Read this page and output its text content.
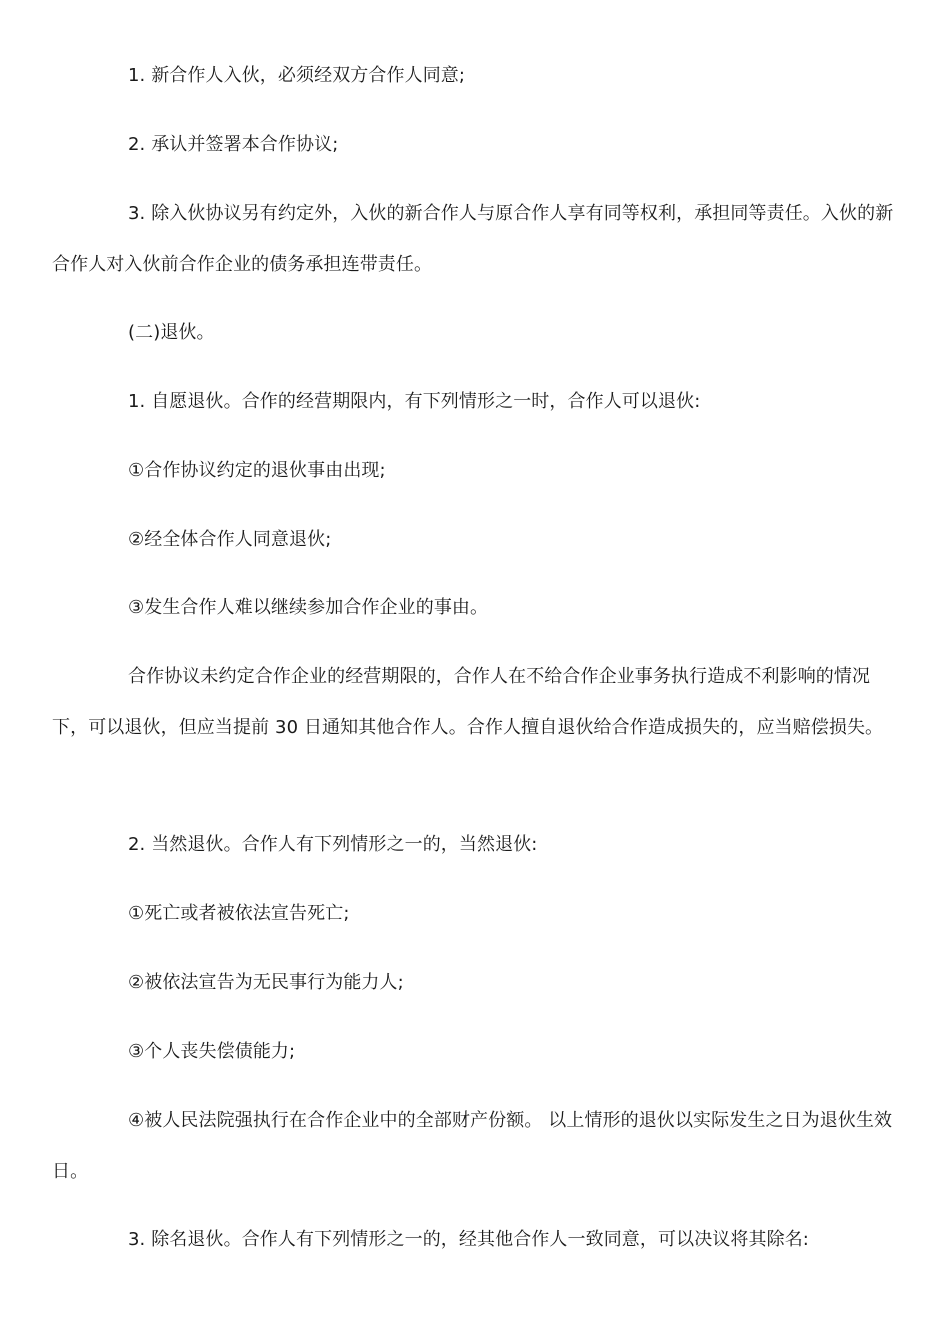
1. 新合作人入伙，必须经双方合作人同意;

2. 承认并签署本合作协议;

3. 除入伙协议另有约定外，入伙的新合作人与原合作人享有同等权利，承担同等责任。入伙的新合作人对入伙前合作企业的债务承担连带责任。

(二)退伙。

1. 自愿退伙。合作的经营期限内，有下列情形之一时，合作人可以退伙:

①合作协议约定的退伙事由出现;

②经全体合作人同意退伙;

③发生合作人难以继续参加合作企业的事由。

合作协议未约定合作企业的经营期限的，合作人在不给合作企业事务执行造成不利影响的情况下，可以退伙，但应当提前 30 日通知其他合作人。合作人擅自退伙给合作造成损失的，应当赔偿损失。

2. 当然退伙。合作人有下列情形之一的，当然退伙:

①死亡或者被依法宣告死亡;

②被依法宣告为无民事行为能力人;

③个人丧失偿债能力;

④被人民法院强执行在合作企业中的全部财产份额。 以上情形的退伙以实际发生之日为退伙生效日。

3. 除名退伙。合作人有下列情形之一的，经其他合作人一致同意，可以决议将其除名:
